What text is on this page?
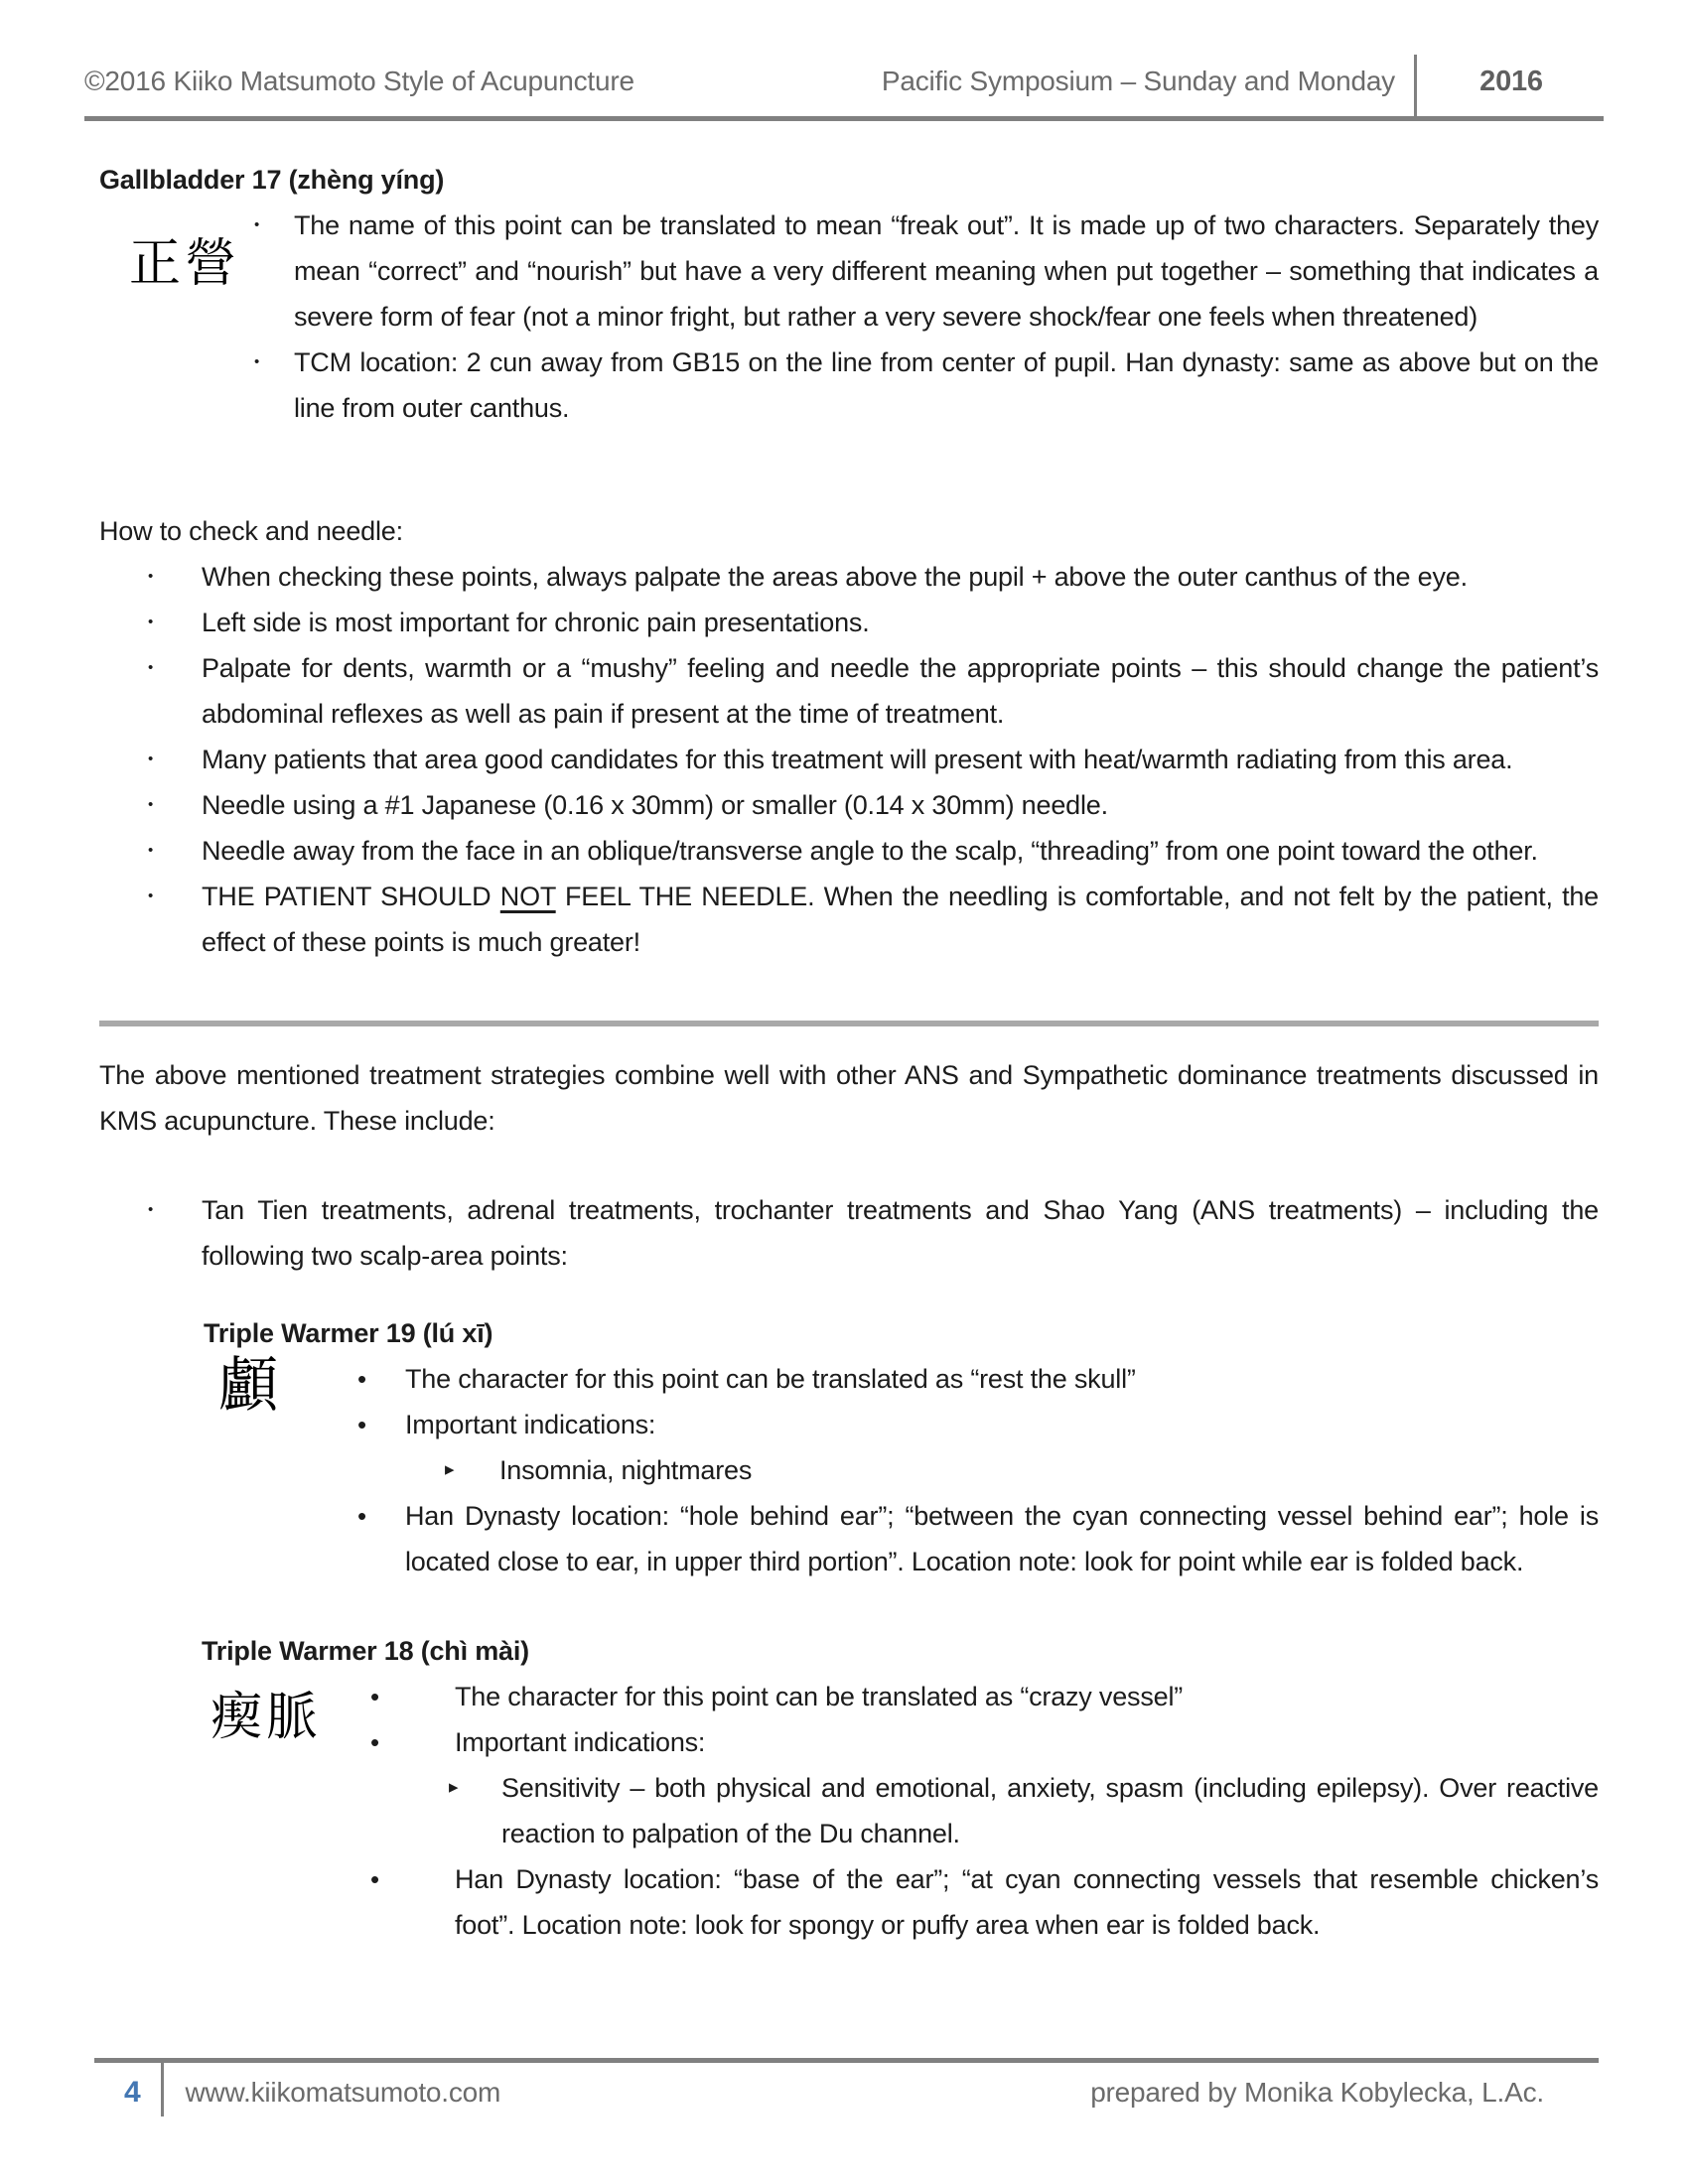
©2016 Kiiko Matsumoto Style of Acupuncture	Pacific Symposium – Sunday and Monday	2016
Gallbladder 17 (zhèng yíng)
正營
•	The name of this point can be translated to mean “freak out”. It is made up of two characters. Separately they mean “correct” and “nourish” but have a very different meaning when put together – something that indicates a severe form of fear (not a minor fright, but rather a very severe shock/fear one feels when threatened)
•	TCM location: 2 cun away from GB15 on the line from center of pupil. Han dynasty: same as above but on the line from outer canthus.
How to check and needle:
•	When checking these points, always palpate the areas above the pupil + above the outer canthus of the eye.
•	Left side is most important for chronic pain presentations.
•	Palpate for dents, warmth or a “mushy” feeling and needle the appropriate points – this should change the patient’s abdominal reflexes as well as pain if present at the time of treatment.
•	Many patients that area good candidates for this treatment will present with heat/warmth radiating from this area.
•	Needle using a #1 Japanese (0.16 x 30mm) or smaller (0.14 x 30mm) needle.
•	Needle away from the face in an oblique/transverse angle to the scalp, “threading” from one point toward the other.
•	THE PATIENT SHOULD NOT FEEL THE NEEDLE. When the needling is comfortable, and not felt by the patient, the effect of these points is much greater!
The above mentioned treatment strategies combine well with other ANS and Sympathetic dominance treatments discussed in KMS acupuncture. These include:
•	Tan Tien treatments, adrenal treatments, trochanter treatments and Shao Yang (ANS treatments) – including the following two scalp-area points:
Triple Warmer 19 (lú xī)
顱	•	The character for this point can be translated as “rest the skull”
•	Important indications:
▸	Insomnia, nightmares
•	Han Dynasty location: “hole behind ear”; “between the cyan connecting vessel behind ear”; hole is located close to ear, in upper third portion”. Location note: look for point while ear is folded back.
Triple Warmer 18 (chì mài)
瘈脈 •	The character for this point can be translated as “crazy vessel”
•	Important indications:
▸	Sensitivity – both physical and emotional, anxiety, spasm (including epilepsy). Over reactive reaction to palpation of the Du channel.
•	Han Dynasty location: “base of the ear”; “at cyan connecting vessels that resemble chicken’s foot”. Location note: look for spongy or puffy area when ear is folded back.
4 www.kiikomatsumoto.com	prepared by Monika Kobylecka, L.Ac.
